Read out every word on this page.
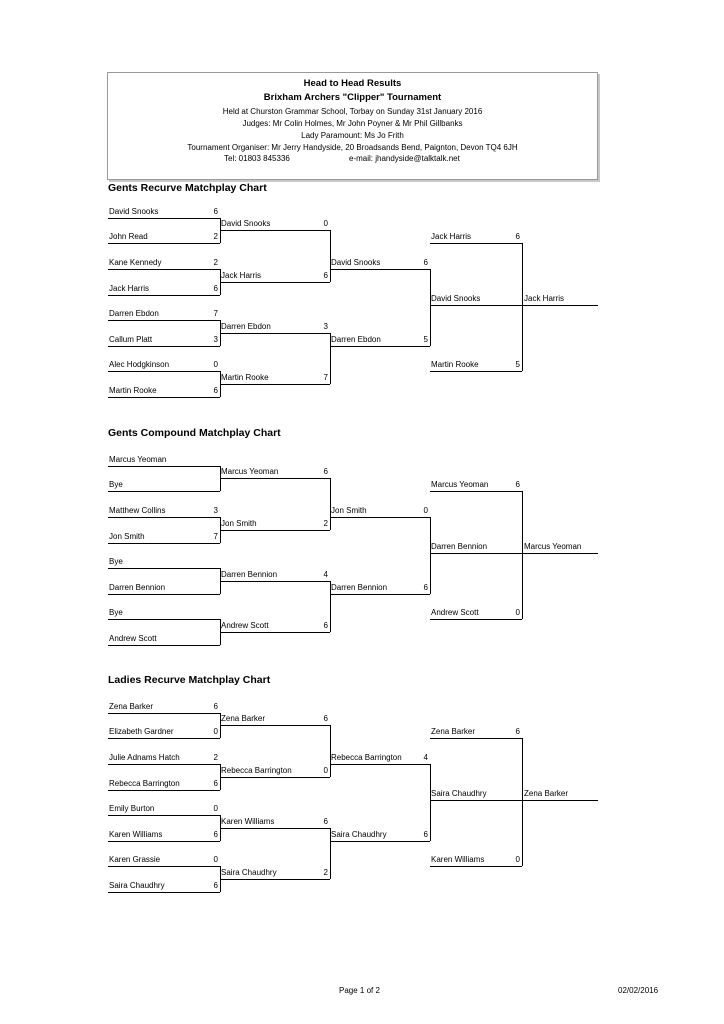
Head to Head Results
Brixham Archers "Clipper" Tournament
Held at Churston Grammar School, Torbay on Sunday 31st January 2016
Judges: Mr Colin Holmes, Mr John Poyner & Mr Phil Gillbanks
Lady Paramount: Ms Jo Frith
Tournament Organiser: Mr Jerry Handyside, 20 Broadsands Bend, Paignton, Devon TQ4 6JH
Tel: 01803 845336	e-mail: jhandyside@talktalk.net
Gents Recurve Matchplay Chart
David Snooks	6
John Read	2
Kane Kennedy	2
Jack Harris	6
Darren Ebdon	7
Callum Platt	3
Alec Hodgkinson	0
Martin Rooke	6
David Snooks	0
Jack Harris	6
Darren Ebdon	3
Martin Rooke	7
David Snooks	6
Darren Ebdon	5
Jack Harris	6
David Snooks
Martin Rooke	5
Jack Harris
Gents Compound Matchplay Chart
Marcus Yeoman
Bye
Matthew Collins	3
Jon Smith	7
Bye
Darren Bennion
Bye
Andrew Scott
Marcus Yeoman	6
Jon Smith	2
Darren Bennion	4
Andrew Scott	6
Jon Smith	0
Darren Bennion	6
Marcus Yeoman	6
Darren Bennion
Andrew Scott	0
Marcus Yeoman
Ladies Recurve Matchplay Chart
Zena Barker	6
Elizabeth Gardner	0
Julie Adnams Hatch	2
Rebecca Barrington	6
Emily Burton	0
Karen Williams	6
Karen Grassie	0
Saira Chaudhry	6
Zena Barker	6
Rebecca Barrington	0
Karen Williams	6
Saira Chaudhry	2
Rebecca Barrington	4
Saira Chaudhry	6
Zena Barker	6
Saira Chaudhry
Karen Williams	0
Zena Barker
Page 1 of 2	02/02/2016
